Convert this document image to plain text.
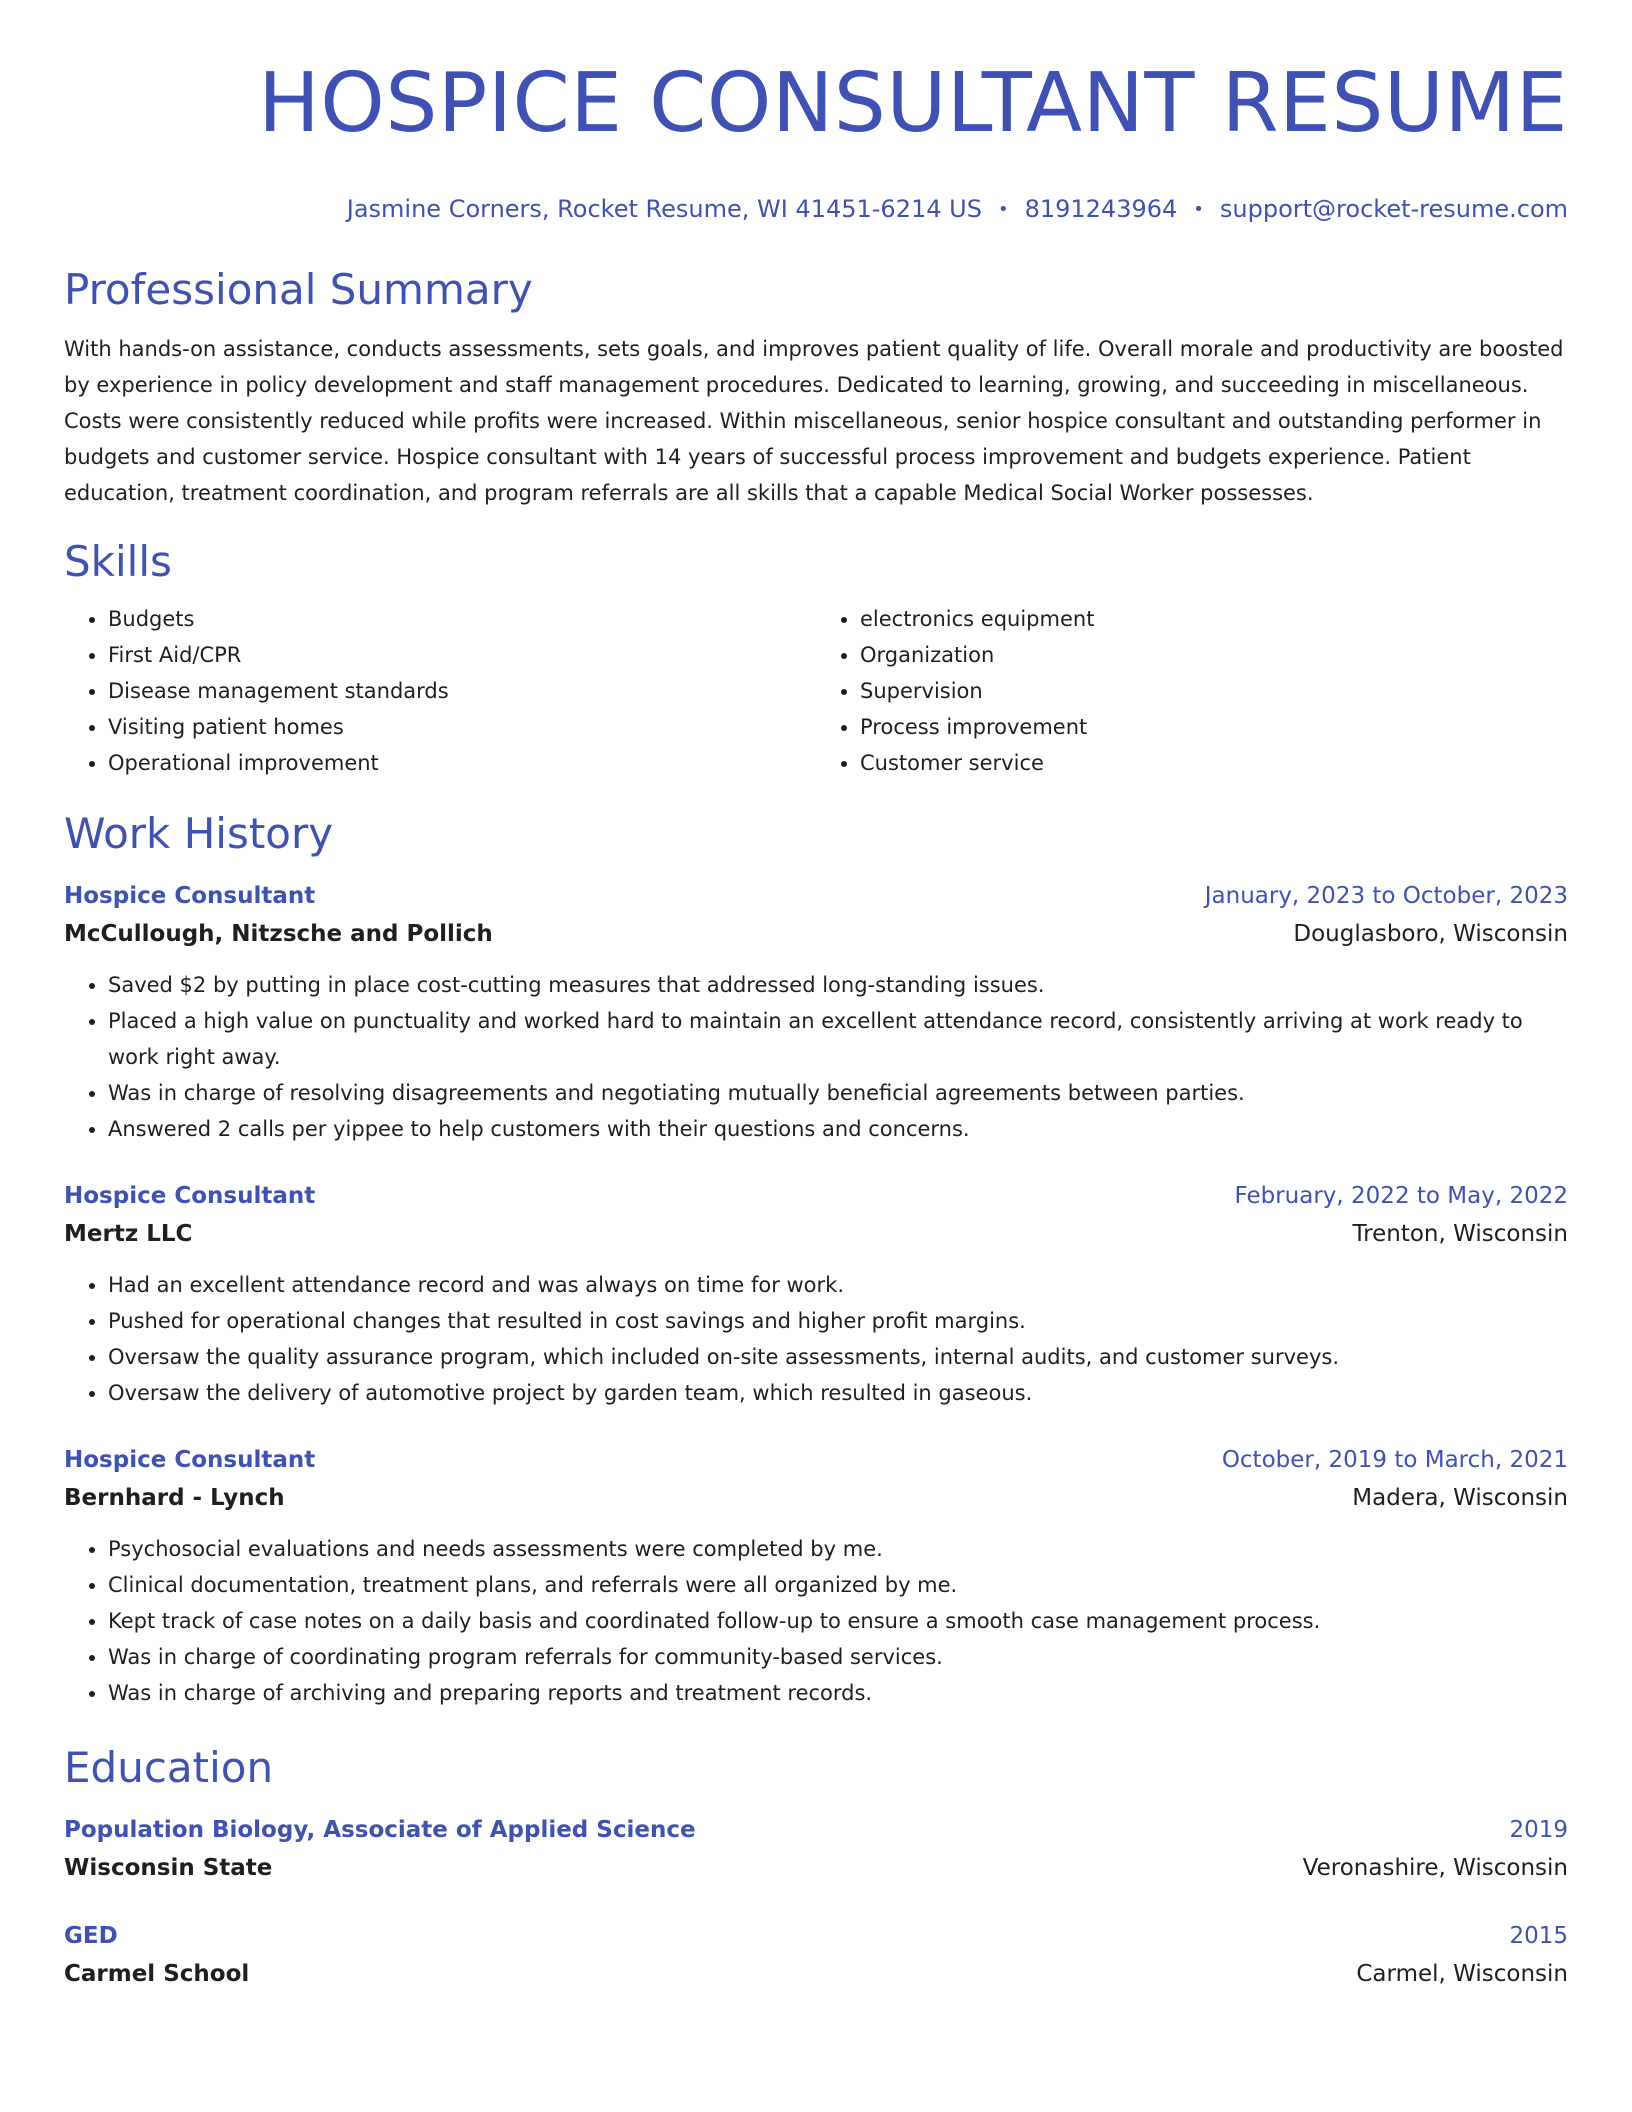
HOSPICE CONSULTANT RESUME
Jasmine Corners, Rocket Resume, WI 41451-6214 US • 8191243964 • support@rocket-resume.com
Professional Summary
With hands-on assistance, conducts assessments, sets goals, and improves patient quality of life. Overall morale and productivity are boosted by experience in policy development and staff management procedures. Dedicated to learning, growing, and succeeding in miscellaneous. Costs were consistently reduced while profits were increased. Within miscellaneous, senior hospice consultant and outstanding performer in budgets and customer service. Hospice consultant with 14 years of successful process improvement and budgets experience. Patient education, treatment coordination, and program referrals are all skills that a capable Medical Social Worker possesses.
Skills
• Budgets
• First Aid/CPR
• Disease management standards
• Visiting patient homes
• Operational improvement
• electronics equipment
• Organization
• Supervision
• Process improvement
• Customer service
Work History
Hospice Consultant	January, 2023 to October, 2023
McCullough, Nitzsche and Pollich	Douglasboro, Wisconsin
• Saved $2 by putting in place cost-cutting measures that addressed long-standing issues.
• Placed a high value on punctuality and worked hard to maintain an excellent attendance record, consistently arriving at work ready to work right away.
• Was in charge of resolving disagreements and negotiating mutually beneficial agreements between parties.
• Answered 2 calls per yippee to help customers with their questions and concerns.
Hospice Consultant	February, 2022 to May, 2022
Mertz LLC	Trenton, Wisconsin
• Had an excellent attendance record and was always on time for work.
• Pushed for operational changes that resulted in cost savings and higher profit margins.
• Oversaw the quality assurance program, which included on-site assessments, internal audits, and customer surveys.
• Oversaw the delivery of automotive project by garden team, which resulted in gaseous.
Hospice Consultant	October, 2019 to March, 2021
Bernhard - Lynch	Madera, Wisconsin
• Psychosocial evaluations and needs assessments were completed by me.
• Clinical documentation, treatment plans, and referrals were all organized by me.
• Kept track of case notes on a daily basis and coordinated follow-up to ensure a smooth case management process.
• Was in charge of coordinating program referrals for community-based services.
• Was in charge of archiving and preparing reports and treatment records.
Education
Population Biology, Associate of Applied Science	2019
Wisconsin State	Veronashire, Wisconsin
GED	2015
Carmel School	Carmel, Wisconsin
